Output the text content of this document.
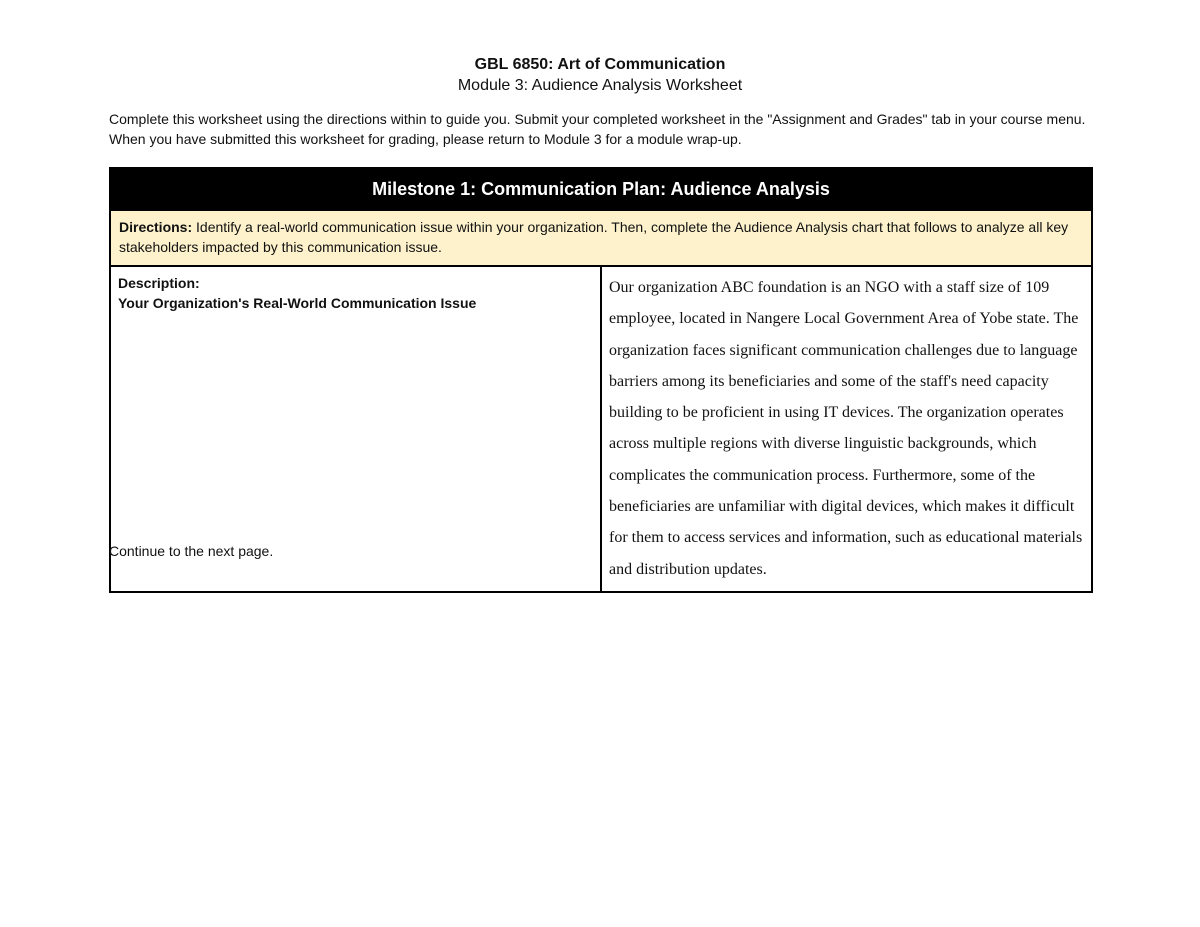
GBL 6850: Art of Communication
Module 3: Audience Analysis Worksheet

Complete this worksheet using the directions within to guide you. Submit your completed worksheet in the "Assignment and Grades" tab in your course menu. When you have submitted this worksheet for grading, please return to Module 3 for a module wrap-up.

Milestone 1: Communication Plan: Audience Analysis
Directions: Identify a real-world communication issue within your organization. Then, complete the Audience Analysis chart that follows to analyze all key stakeholders impacted by this communication issue.

Description:
Your Organization's Real-World Communication Issue
	Our organization ABC foundation is an NGO with a staff size of 109 employee, located in Nangere Local Government Area of Yobe state. The organization faces significant communication challenges due to language barriers among its beneficiaries and some of the staff's need capacity building to be proficient in using IT devices. The organization operates across multiple regions with diverse linguistic backgrounds, which complicates the communication process. Furthermore, some of the beneficiaries are unfamiliar with digital devices, which makes it difficult for them to access services and information, such as educational materials and distribution updates.

Continue to the next page.
